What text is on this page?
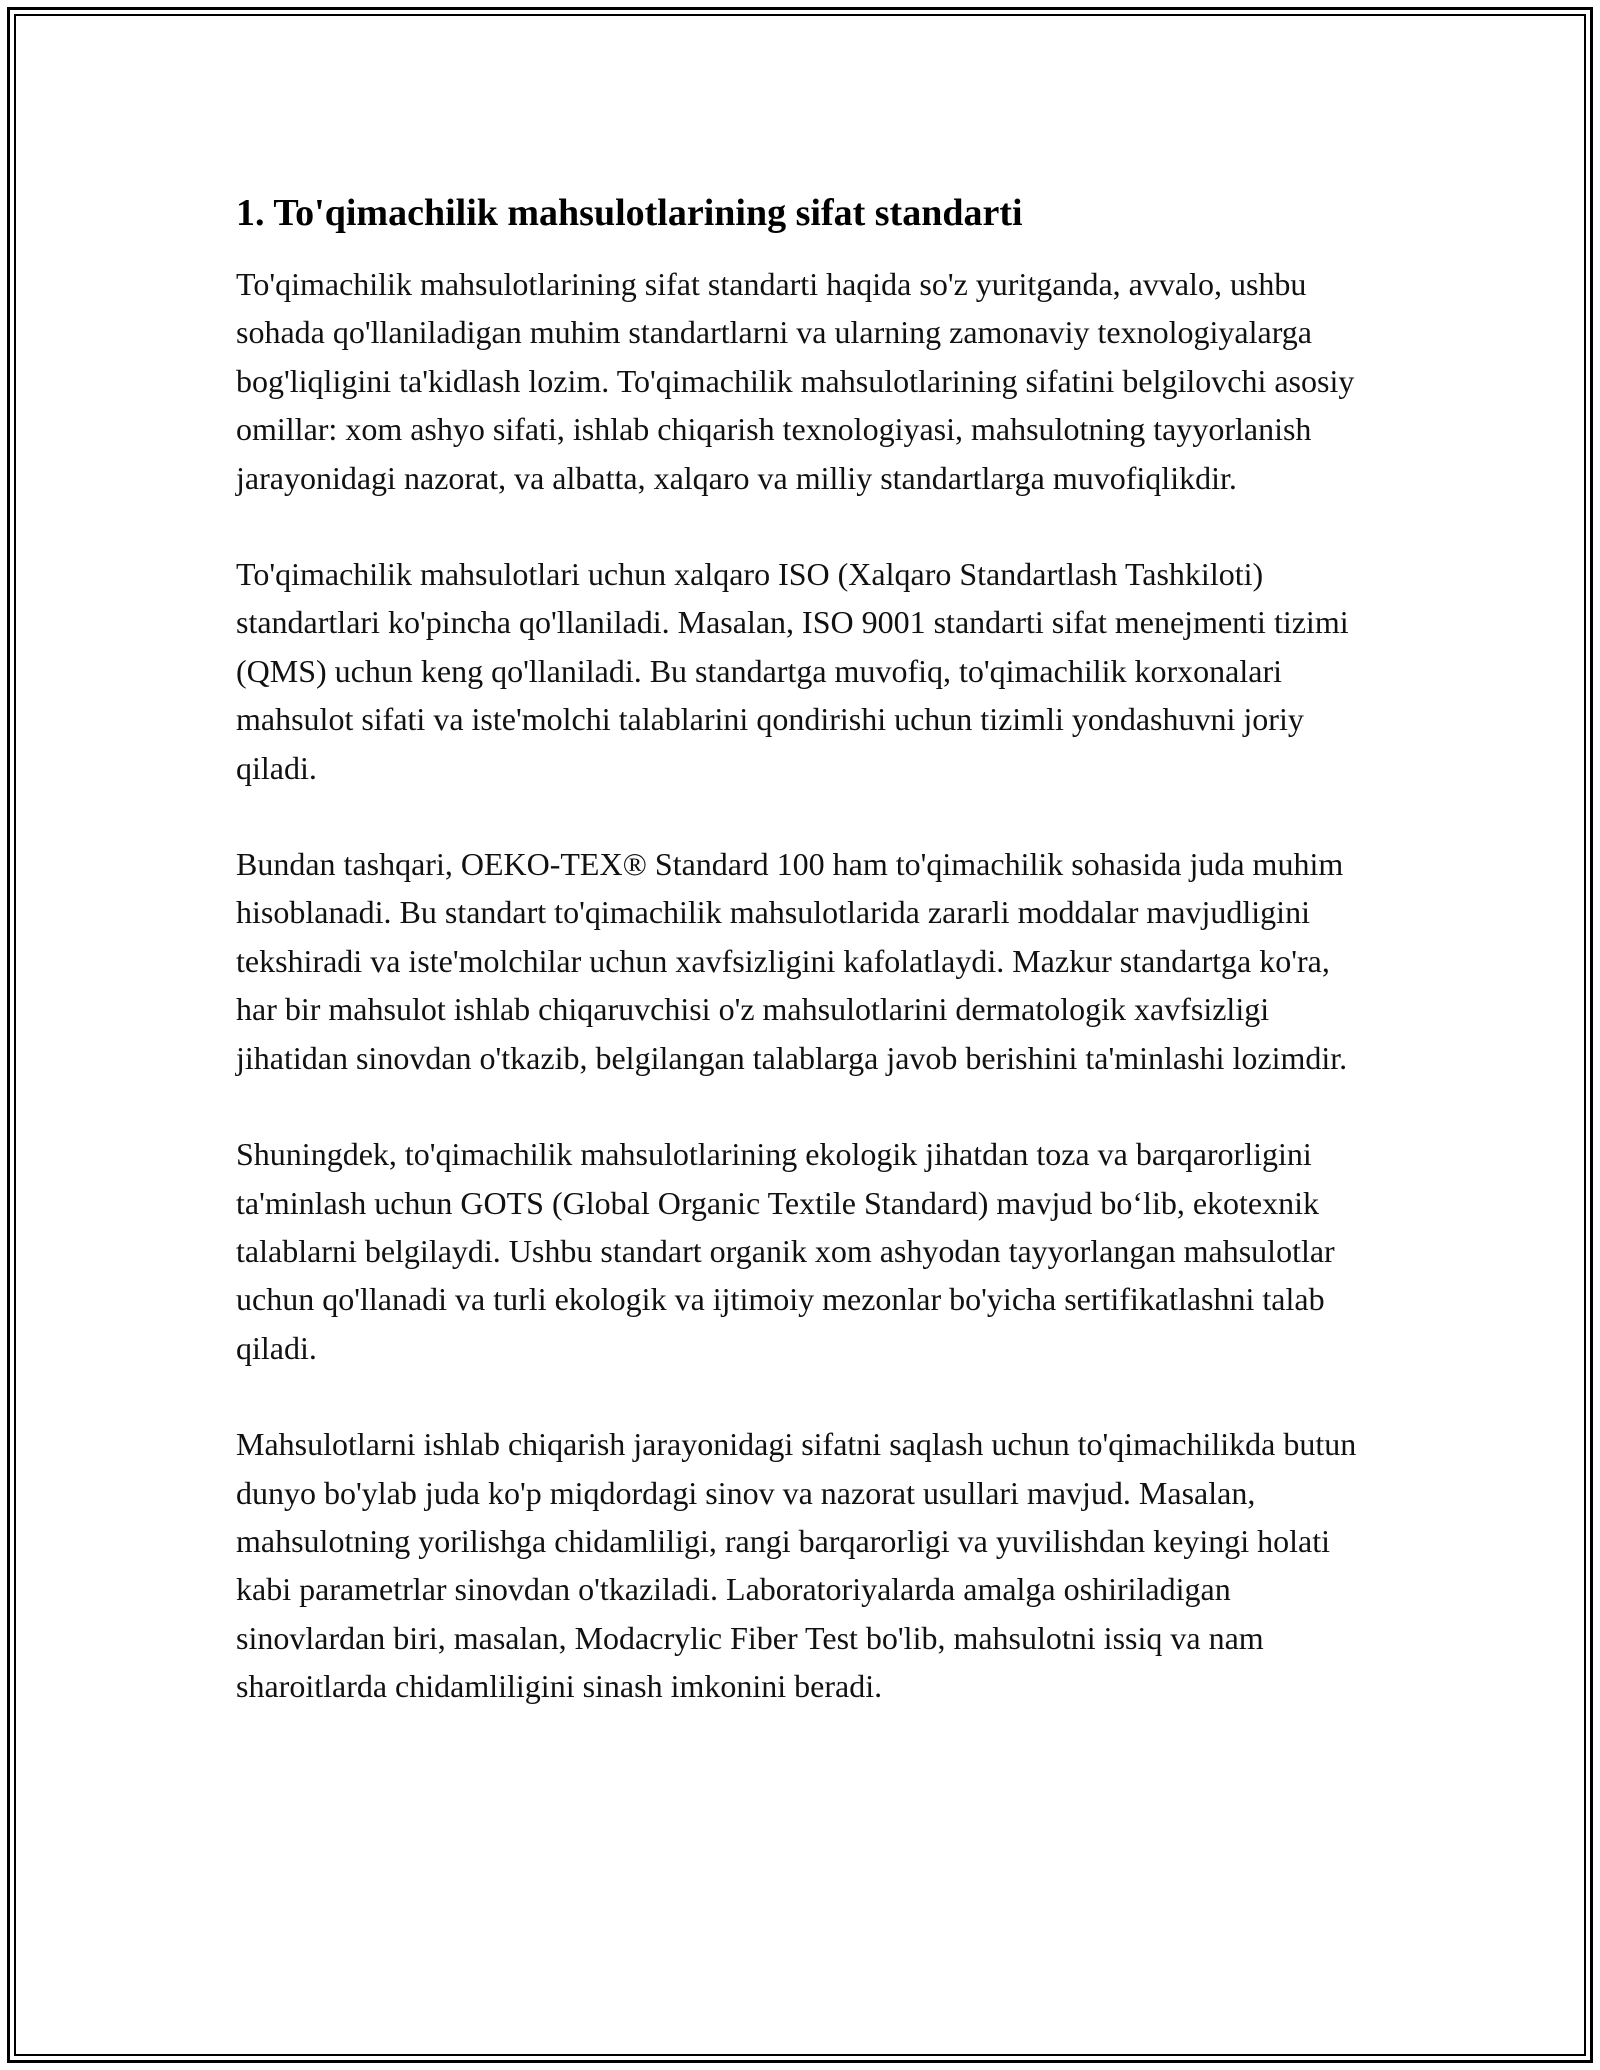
1. To'qimachilik mahsulotlarining sifat standarti

To'qimachilik mahsulotlarining sifat standarti haqida so'z yuritganda, avvalo, ushbu sohada qo'llaniladigan muhim standartlarni va ularning zamonaviy texnologiyalarga bog'liqligini ta'kidlash lozim. To'qimachilik mahsulotlarining sifatini belgilovchi asosiy omillar: xom ashyo sifati, ishlab chiqarish texnologiyasi, mahsulotning tayyorlanish jarayonidagi nazorat, va albatta, xalqaro va milliy standartlarga muvofiqlikdir.

To'qimachilik mahsulotlari uchun xalqaro ISO (Xalqaro Standartlash Tashkiloti) standartlari ko'pincha qo'llaniladi. Masalan, ISO 9001 standarti sifat menejmenti tizimi (QMS) uchun keng qo'llaniladi. Bu standartga muvofiq, to'qimachilik korxonalari mahsulot sifati va iste'molchi talablarini qondirishi uchun tizimli yondashuvni joriy qiladi.

Bundan tashqari, OEKO-TEX® Standard 100 ham to'qimachilik sohasida juda muhim hisoblanadi. Bu standart to'qimachilik mahsulotlarida zararli moddalar mavjudligini tekshiradi va iste'molchilar uchun xavfsizligini kafolatlaydi. Mazkur standartga ko'ra, har bir mahsulot ishlab chiqaruvchisi o'z mahsulotlarini dermatologik xavfsizligi jihatidan sinovdan o'tkazib, belgilangan talablarga javob berishini ta'minlashi lozimdir.

Shuningdek, to'qimachilik mahsulotlarining ekologik jihatdan toza va barqarorligini ta'minlash uchun GOTS (Global Organic Textile Standard) mavjud bo‘lib, ekotexnik talablarni belgilaydi. Ushbu standart organik xom ashyodan tayyorlangan mahsulotlar uchun qo'llanadi va turli ekologik va ijtimoiy mezonlar bo'yicha sertifikatlashni talab qiladi.

Mahsulotlarni ishlab chiqarish jarayonidagi sifatni saqlash uchun to'qimachilikda butun dunyo bo'ylab juda ko'p miqdordagi sinov va nazorat usullari mavjud. Masalan, mahsulotning yorilishga chidamliligi, rangi barqarorligi va yuvilishdan keyingi holati kabi parametrlar sinovdan o'tkaziladi. Laboratoriyalarda amalga oshiriladigan sinovlardan biri, masalan, Modacrylic Fiber Test bo'lib, mahsulotni issiq va nam sharoitlarda chidamliligini sinash imkonini beradi.
